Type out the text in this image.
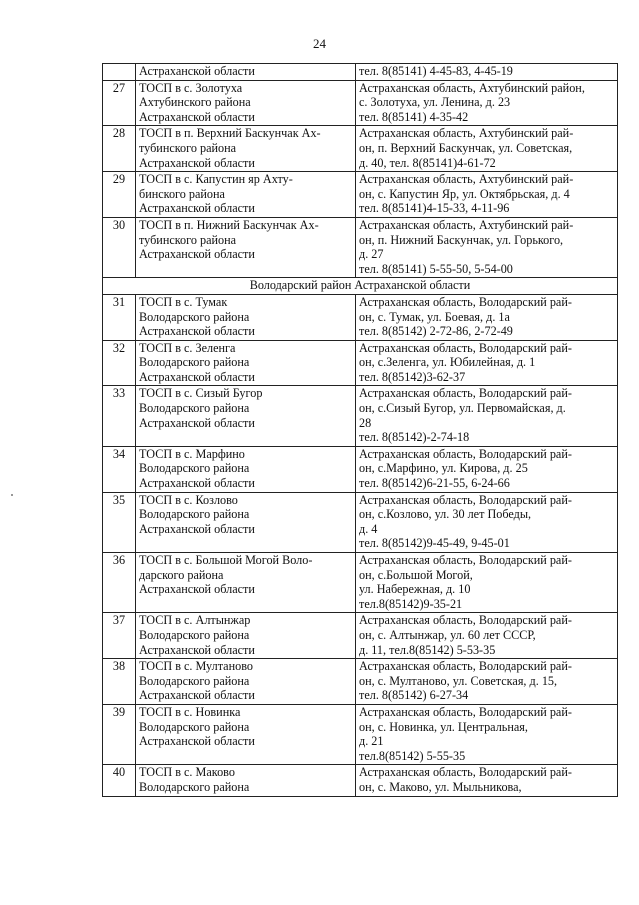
24

	Астраханской области	тел. 8(85141) 4-45-83, 4-45-19

27	ТОСП в с. Золотуха
Ахтубинского района
Астраханской области	Астраханская область, Ахтубинский район,
с. Золотуха, ул. Ленина, д. 23
тел. 8(85141) 4-35-42

28	ТОСП в п. Верхний Баскунчак Ах-
тубинского района
Астраханской области	Астраханская область, Ахтубинский рай-
он, п. Верхний Баскунчак, ул. Советская,
д. 40, тел. 8(85141)4-61-72

29	ТОСП в с. Капустин яр Ахту-
бинского района
Астраханской области	Астраханская область, Ахтубинский рай-
он, с. Капустин Яр, ул. Октябрьская, д. 4
тел. 8(85141)4-15-33, 4-11-96

30	ТОСП в п. Нижний Баскунчак Ах-
тубинского района
Астраханской области	Астраханская область, Ахтубинский рай-
он, п. Нижний Баскунчак, ул. Горького,
д. 27
тел. 8(85141) 5-55-50, 5-54-00

Володарский район Астраханской области		
31	ТОСП в с. Тумак
Володарского района
Астраханской области	Астраханская область, Володарский рай-
он, с. Тумак, ул. Боевая, д. 1а
тел. 8(85142) 2-72-86, 2-72-49

32	ТОСП в с. Зеленга
Володарского района
Астраханской области	Астраханская область, Володарский рай-
он, с.Зеленга, ул. Юбилейная, д. 1
тел. 8(85142)3-62-37

33	ТОСП в с. Сизый Бугор
Володарского района
Астраханской области	Астраханская область, Володарский рай-
он, с.Сизый Бугор, ул. Первомайская, д.
28
тел. 8(85142)-2-74-18

34	ТОСП в с. Марфино
Володарского района
Астраханской области	Астраханская область, Володарский рай-
он, с.Марфино, ул. Кирова, д. 25
тел. 8(85142)6-21-55, 6-24-66

35	ТОСП в с. Козлово
Володарского района
Астраханской области	Астраханская область, Володарский рай-
он, с.Козлово, ул. 30 лет Победы,
д. 4
тел. 8(85142)9-45-49, 9-45-01

36	ТОСП в с. Большой Могой Воло-
дарского района
Астраханской области	Астраханская область, Володарский рай-
он, с.Большой Могой,
ул. Набережная, д. 10
тел.8(85142)9-35-21

37	ТОСП в с. Алтынжар
Володарского района
Астраханской области	Астраханская область, Володарский рай-
он, с. Алтынжар, ул. 60 лет СССР,
д. 11, тел.8(85142) 5-53-35

38	ТОСП в с. Мултаново
Володарского района
Астраханской области	Астраханская область, Володарский рай-
он, с. Мултаново, ул. Советская, д. 15,
тел. 8(85142) 6-27-34

39	ТОСП в с. Новинка
Володарского района
Астраханской области	Астраханская область, Володарский рай-
он, с. Новинка, ул. Центральная,
д. 21
тел.8(85142) 5-55-35

40	ТОСП в с. Маково
Володарского района	Астраханская область, Володарский рай-
он, с. Маково, ул. Мыльникова,
